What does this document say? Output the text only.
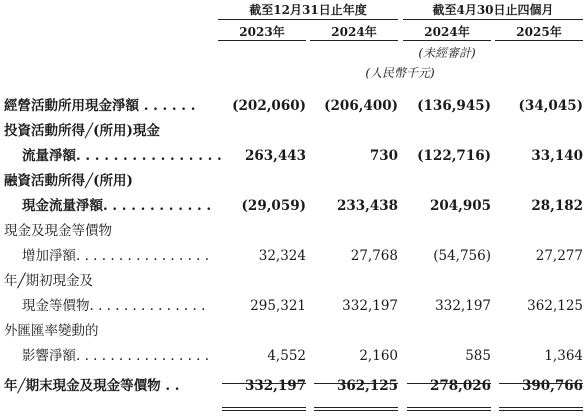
截至12月31日止年度	截至4月30日止四個月
2023年	2024年	2024年	2025年
(未經審計)
(人民幣千元)
經營活動所用現金淨額 . . . . . .	(202,060)	(206,400)	(136,945)	(34,045)
投資活動所得╱(所用)現金
流量淨額. . . . . . . . . . . . . . . .	263,443	730	(122,716)	33,140
融資活動所得╱(所用)
現金流量淨額. . . . . . . . . . . .	(29,059)	233,438	204,905	28,182
現金及現金等價物
增加淨額. . . . . . . . . . . . . . . .	32,324	27,768	(54,756)	27,277
年╱期初現金及
現金等價物. . . . . . . . . . . . . .	295,321	332,197	332,197	362,125
外匯匯率變動的
影響淨額. . . . . . . . . . . . . . . .	4,552	2,160	585	1,364
年╱期末現金及現金等價物 . .	332,197	362,125	278,026	390,766
